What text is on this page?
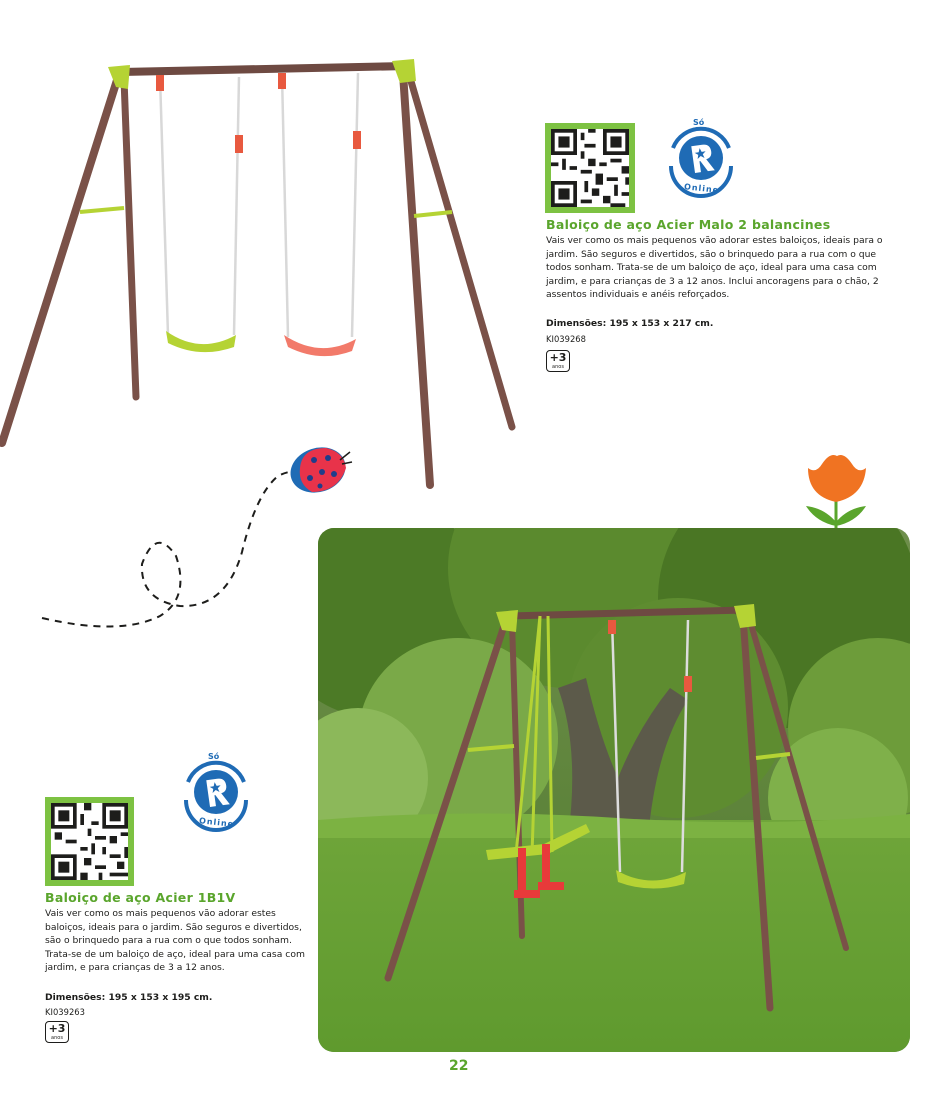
Só
Online
Baloiço de aço Acier Malo 2 balancines
Vais ver como os mais pequenos vão adorar estes baloiços, ideais para o jardim. São seguros e divertidos, são o brinquedo para a rua com o que todos sonham. Trata-se de um baloiço de aço, ideal para uma casa com jardim, e para crianças de 3 a 12 anos. Inclui ancoragens para o chão, 2 assentos individuais e anéis reforçados.
Dimensões: 195 x 153 x 217 cm.
KI039268
+3
anos
Só
Online
Baloiço de aço Acier 1B1V
Vais ver como os mais pequenos vão adorar estes baloiços, ideais para o jardim. São seguros e divertidos, são o brinquedo para a rua com o que todos sonham. Trata-se de um baloiço de aço, ideal para uma casa com jardim, e para crianças de 3 a 12 anos.
Dimensões: 195 x 153 x 195 cm.
KI039263
+3
anos
22
